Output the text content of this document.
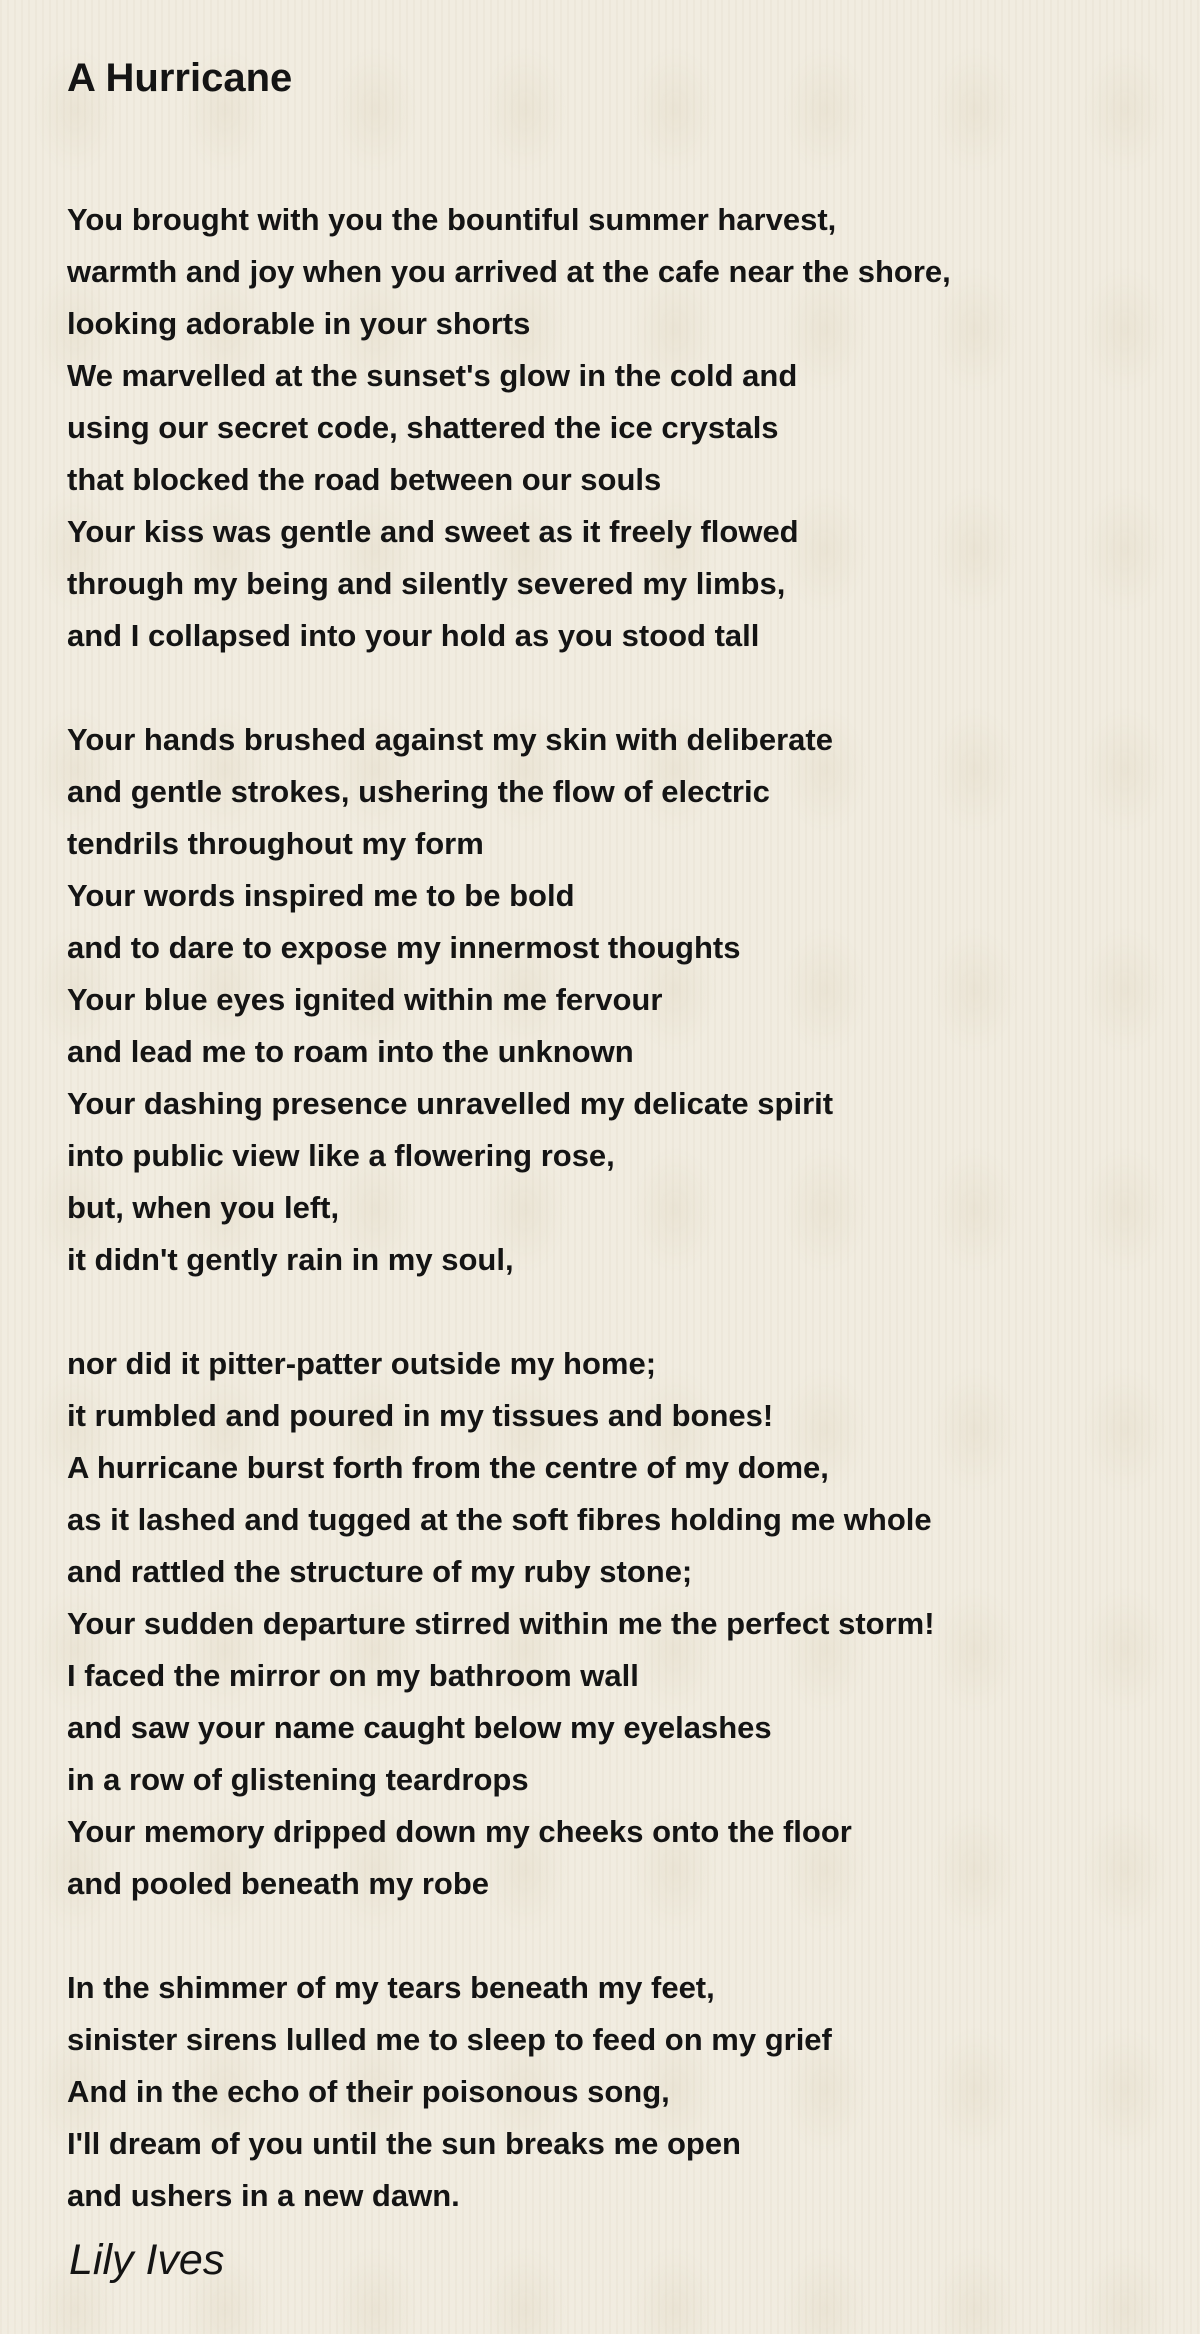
A Hurricane
You brought with you the bountiful summer harvest,
warmth and joy when you arrived at the cafe near the shore,
looking adorable in your shorts
We marvelled at the sunset's glow in the cold and
using our secret code, shattered the ice crystals
that blocked the road between our souls
Your kiss was gentle and sweet as it freely flowed
through my being and silently severed my limbs,
and I collapsed into your hold as you stood tall
Your hands brushed against my skin with deliberate
and gentle strokes, ushering the flow of electric
tendrils throughout my form
Your words inspired me to be bold
and to dare to expose my innermost thoughts
Your blue eyes ignited within me fervour
and lead me to roam into the unknown
Your dashing presence unravelled my delicate spirit
into public view like a flowering rose,
but, when you left,
it didn't gently rain in my soul,
nor did it pitter-patter outside my home;
it rumbled and poured in my tissues and bones!
A hurricane burst forth from the centre of my dome,
as it lashed and tugged at the soft fibres holding me whole
and rattled the structure of my ruby stone;
Your sudden departure stirred within me the perfect storm!
I faced the mirror on my bathroom wall
and saw your name caught below my eyelashes
in a row of glistening teardrops
Your memory dripped down my cheeks onto the floor
and pooled beneath my robe
In the shimmer of my tears beneath my feet,
sinister sirens lulled me to sleep to feed on my grief
And in the echo of their poisonous song,
I'll dream of you until the sun breaks me open
and ushers in a new dawn.
Lily Ives
